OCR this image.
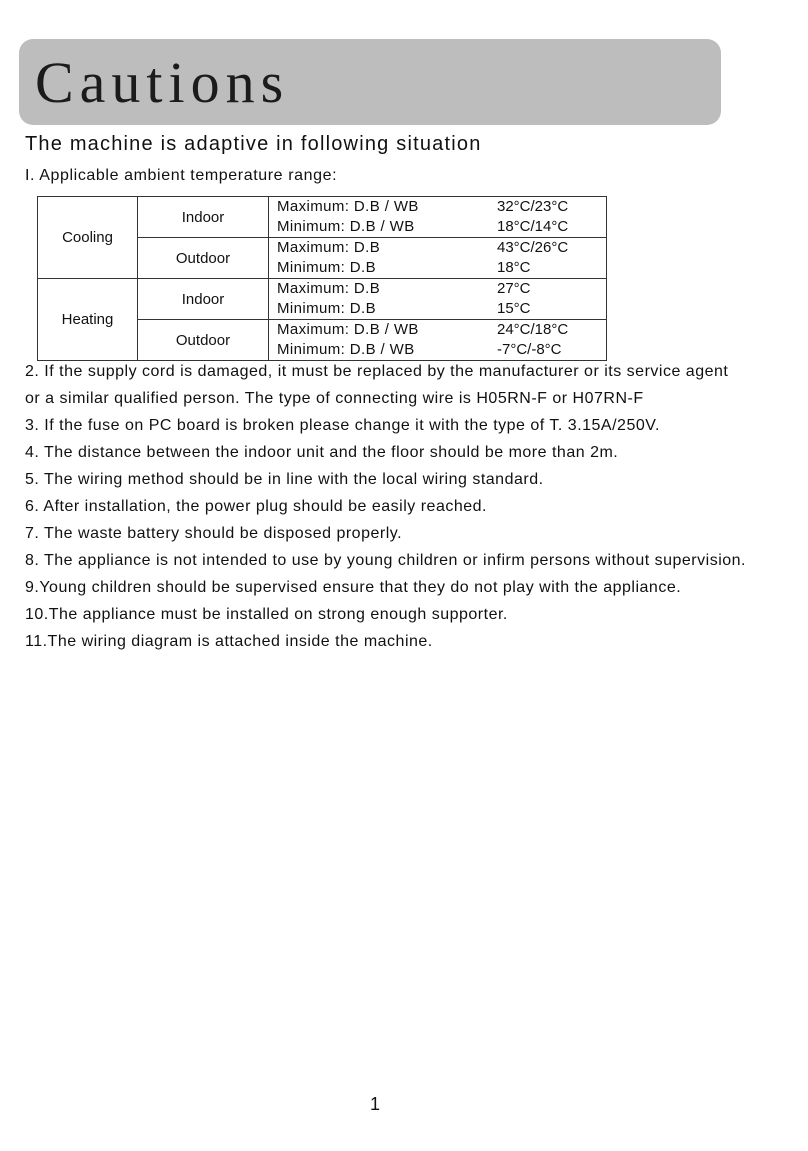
Cautions
The machine is adaptive in following situation
I. Applicable ambient temperature range:
Cooling	Indoor	Maximum: D.B / WB 32°C/23°C
Minimum: D.B / WB 18°C/14°C

	Outdoor	Maximum: D.B 43°C/26°C
Minimum: D.B 18°C

Heating	Indoor	Maximum: D.B 27°C
Minimum: D.B 15°C

	Outdoor	Maximum: D.B / WB 24°C/18°C
Minimum: D.B / WB -7°C/-8°C
2. If the supply cord is damaged, it must be replaced by the manufacturer or its service agent
or a similar qualified person. The type of connecting wire is H05RN-F or H07RN-F
3. If the fuse on PC board is broken please change it with the type of T. 3.15A/250V.
4. The distance between the indoor unit and the floor should be more than 2m.
5. The wiring method should be in line with the local wiring standard.
6. After installation, the power plug should be easily reached.
7. The waste battery should be disposed properly.
8. The appliance is not intended to use by young children or infirm persons without supervision.
9.Young children should be supervised ensure that they do not play with the appliance.
10.The appliance must be installed on strong enough supporter.
11.The wiring diagram is attached inside the machine.
1
